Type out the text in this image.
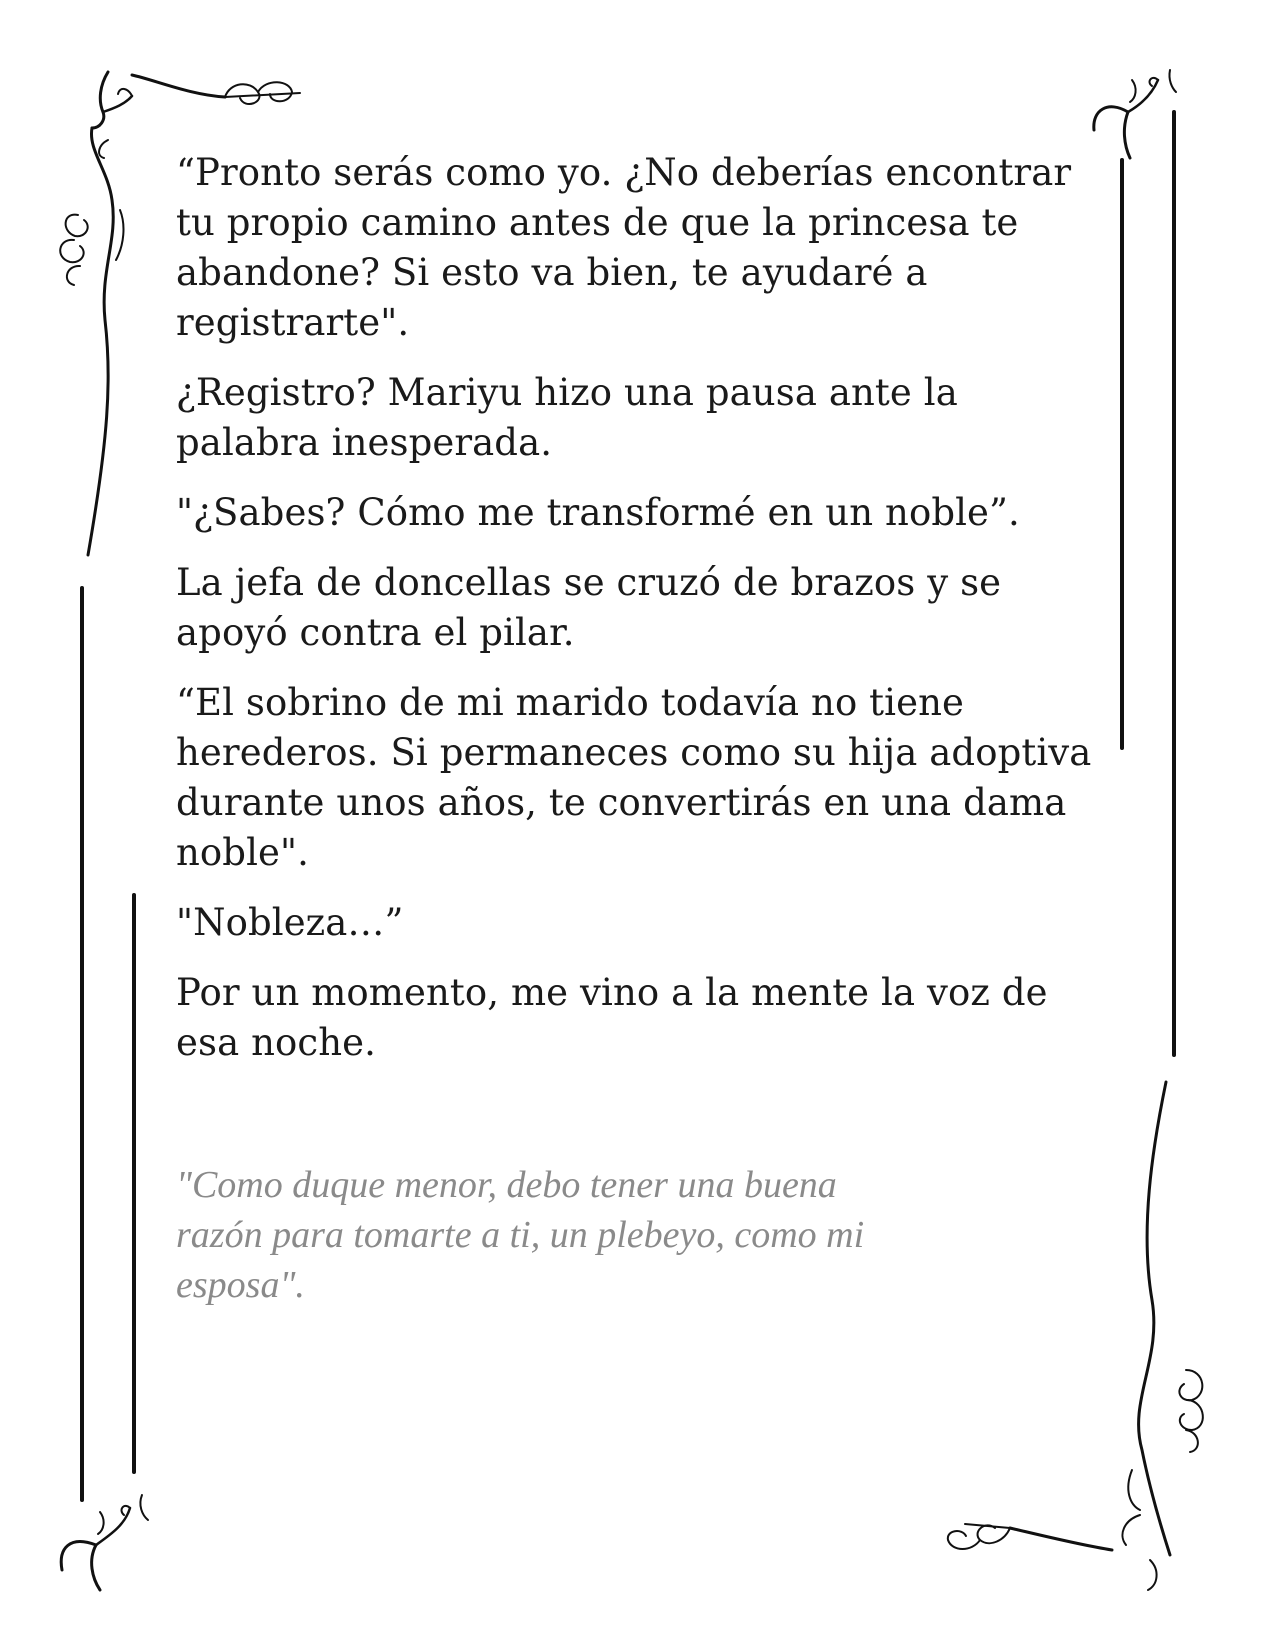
“Pronto serás como yo. ¿No deberías encontrar
tu propio camino antes de que la princesa te
abandone? Si esto va bien, te ayudaré a
registrarte".

¿Registro? Mariyu hizo una pausa ante la
palabra inesperada.

"¿Sabes? Cómo me transformé en un noble”.

La jefa de doncellas se cruzó de brazos y se
apoyó contra el pilar.

“El sobrino de mi marido todavía no tiene
herederos. Si permaneces como su hija adoptiva
durante unos años, te convertirás en una dama
noble".

"Nobleza…”

Por un momento, me vino a la mente la voz de
esa noche.

"Como duque menor, debo tener una buena
razón para tomarte a ti, un plebeyo, como mi
esposa".
